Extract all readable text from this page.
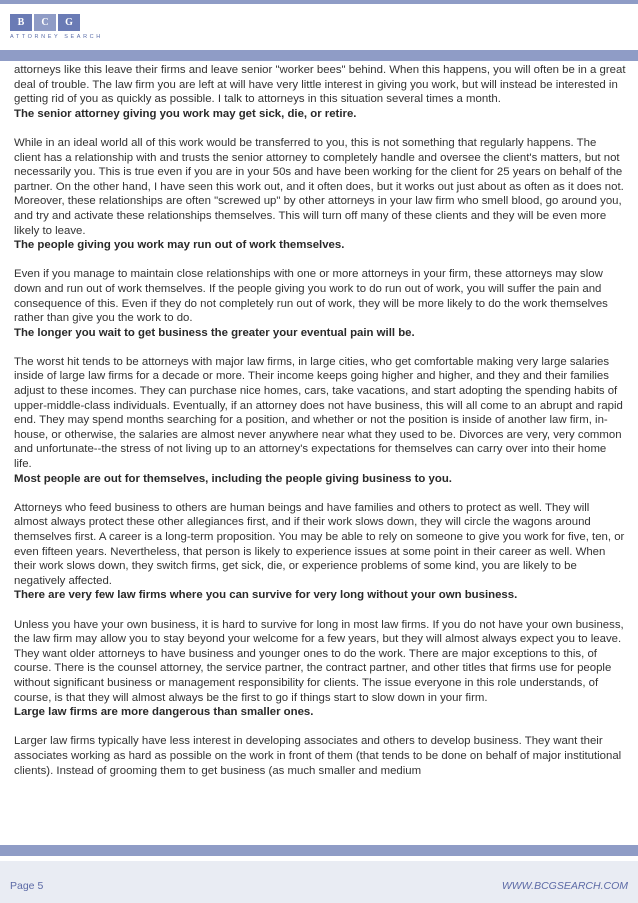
B	C	G
ATTORNEY SEARCH

attorneys like this leave their firms and leave senior "worker bees" behind. When this happens, you will often be in a great deal of trouble. The law firm you are left at will have very little interest in giving you work, but will instead be interested in getting rid of you as quickly as possible. I talk to attorneys in this situation several times a month.
The senior attorney giving you work may get sick, die, or retire.

While in an ideal world all of this work would be transferred to you, this is not something that regularly happens. The client has a relationship with and trusts the senior attorney to completely handle and oversee the client's matters, but not necessarily you. This is true even if you are in your 50s and have been working for the client for 25 years on behalf of the partner. On the other hand, I have seen this work out, and it often does, but it works out just about as often as it does not. Moreover, these relationships are often "screwed up" by other attorneys in your law firm who smell blood, go around you, and try and activate these relationships themselves. This will turn off many of these clients and they will be even more likely to leave.
The people giving you work may run out of work themselves.

Even if you manage to maintain close relationships with one or more attorneys in your firm, these attorneys may slow down and run out of work themselves. If the people giving you work to do run out of work, you will suffer the pain and consequence of this. Even if they do not completely run out of work, they will be more likely to do the work themselves rather than give you the work to do.
The longer you wait to get business the greater your eventual pain will be.

The worst hit tends to be attorneys with major law firms, in large cities, who get comfortable making very large salaries inside of large law firms for a decade or more. Their income keeps going higher and higher, and they and their families adjust to these incomes. They can purchase nice homes, cars, take vacations, and start adopting the spending habits of upper-middle-class individuals. Eventually, if an attorney does not have business, this will all come to an abrupt and rapid end. They may spend months searching for a position, and whether or not the position is inside of another law firm, in-house, or otherwise, the salaries are almost never anywhere near what they used to be. Divorces are very, very common and unfortunate--the stress of not living up to an attorney's expectations for themselves can carry over into their home life.
Most people are out for themselves, including the people giving business to you.

Attorneys who feed business to others are human beings and have families and others to protect as well. They will almost always protect these other allegiances first, and if their work slows down, they will circle the wagons around themselves first. A career is a long-term proposition. You may be able to rely on someone to give you work for five, ten, or even fifteen years. Nevertheless, that person is likely to experience issues at some point in their career as well. When their work slows down, they switch firms, get sick, die, or experience problems of some kind, you are likely to be negatively affected.
There are very few law firms where you can survive for very long without your own business.

Unless you have your own business, it is hard to survive for long in most law firms. If you do not have your own business, the law firm may allow you to stay beyond your welcome for a few years, but they will almost always expect you to leave. They want older attorneys to have business and younger ones to do the work. There are major exceptions to this, of course. There is the counsel attorney, the service partner, the contract partner, and other titles that firms use for people without significant business or management responsibility for clients. The issue everyone in this role understands, of course, is that they will almost always be the first to go if things start to slow down in your firm.
Large law firms are more dangerous than smaller ones.

Larger law firms typically have less interest in developing associates and others to develop business. They want their associates working as hard as possible on the work in front of them (that tends to be done on behalf of major institutional clients). Instead of grooming them to get business (as much smaller and medium

Page 5	WWW.BCGSEARCH.COM
